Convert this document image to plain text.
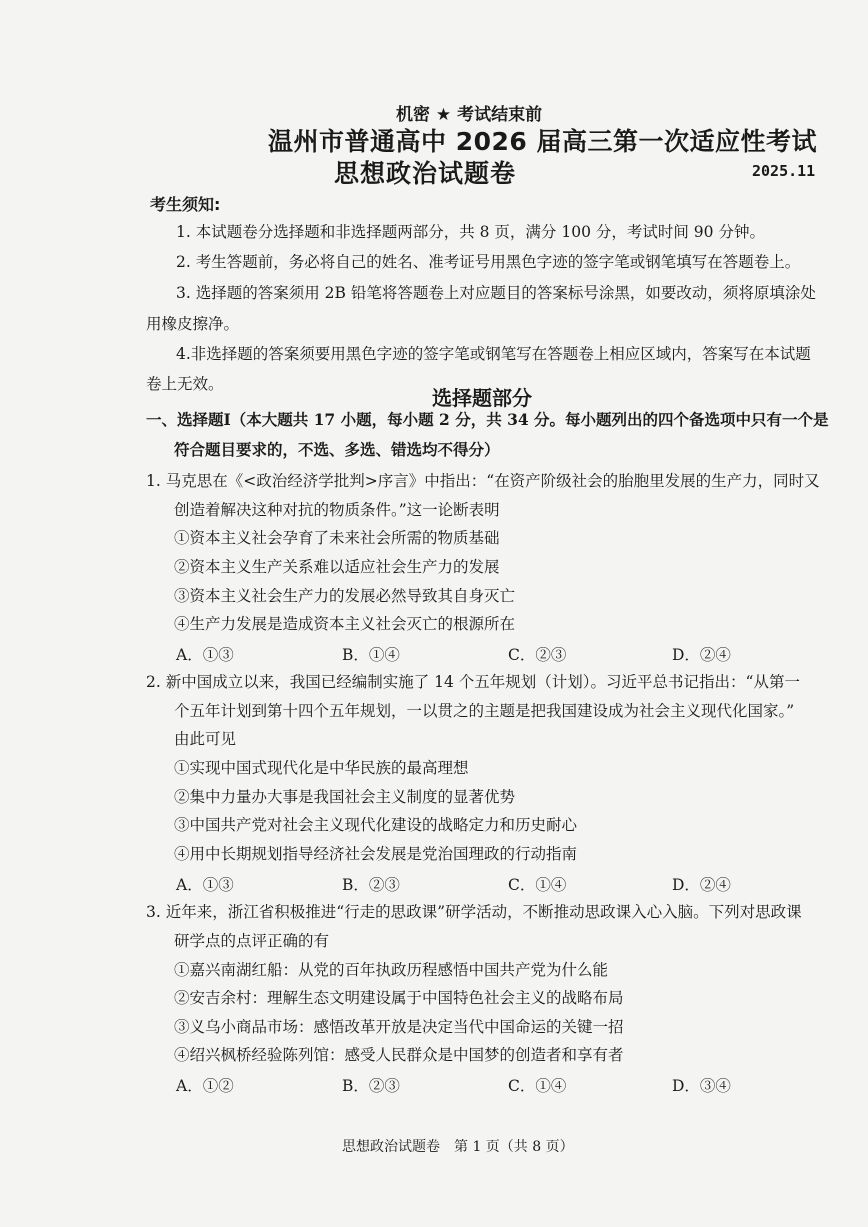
机密 ★ 考试结束前
温州市普通高中 2026 届高三第一次适应性考试
思想政治试题卷	2025.11
考生须知:
1. 本试题卷分选择题和非选择题两部分，共 8 页，满分 100 分，考试时间 90 分钟。
2. 考生答题前，务必将自己的姓名、准考证号用黑色字迹的签字笔或钢笔填写在答题卷上。
3. 选择题的答案须用 2B 铅笔将答题卷上对应题目的答案标号涂黑，如要改动，须将原填涂处
用橡皮擦净。
4.非选择题的答案须要用黑色字迹的签字笔或钢笔写在答题卷上相应区域内，答案写在本试题
卷上无效。
选择题部分
一、选择题Ⅰ（本大题共 17 小题，每小题 2 分，共 34 分。每小题列出的四个备选项中只有一个是
符合题目要求的，不选、多选、错选均不得分）
1. 马克思在《<政治经济学批判>序言》中指出：“在资产阶级社会的胎胞里发展的生产力，同时又
创造着解决这种对抗的物质条件。”这一论断表明
①资本主义社会孕育了未来社会所需的物质基础
②资本主义生产关系难以适应社会生产力的发展
③资本主义社会生产力的发展必然导致其自身灭亡
④生产力发展是造成资本主义社会灭亡的根源所在
A．①③	B．①④	C．②③	D．②④
2. 新中国成立以来，我国已经编制实施了 14 个五年规划（计划）。习近平总书记指出：“从第一
个五年计划到第十四个五年规划，一以贯之的主题是把我国建设成为社会主义现代化国家。”
由此可见
①实现中国式现代化是中华民族的最高理想
②集中力量办大事是我国社会主义制度的显著优势
③中国共产党对社会主义现代化建设的战略定力和历史耐心
④用中长期规划指导经济社会发展是党治国理政的行动指南
A．①③	B．②③	C．①④	D．②④
3. 近年来，浙江省积极推进“行走的思政课”研学活动，不断推动思政课入心入脑。下列对思政课
研学点的点评正确的有
①嘉兴南湖红船：从党的百年执政历程感悟中国共产党为什么能
②安吉余村：理解生态文明建设属于中国特色社会主义的战略布局
③义乌小商品市场：感悟改革开放是决定当代中国命运的关键一招
④绍兴枫桥经验陈列馆：感受人民群众是中国梦的创造者和享有者
A．①②	B．②③	C．①④	D．③④
思想政治试题卷　第 1 页（共 8 页）
